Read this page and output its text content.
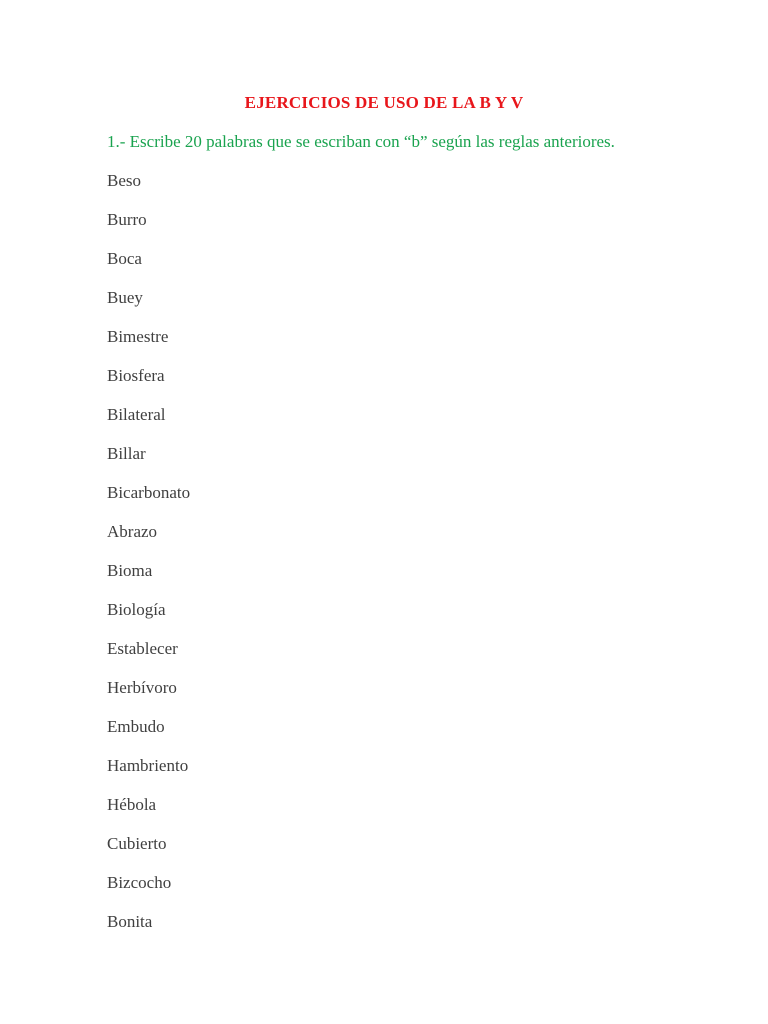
EJERCICIOS DE USO DE LA B Y V
1.- Escribe 20 palabras que se escriban con “b” según las reglas anteriores.
Beso
Burro
Boca
Buey
Bimestre
Biosfera
Bilateral
Billar
Bicarbonato
Abrazo
Bioma
Biología
Establecer
Herbívoro
Embudo
Hambriento
Hébola
Cubierto
Bizcocho
Bonita
